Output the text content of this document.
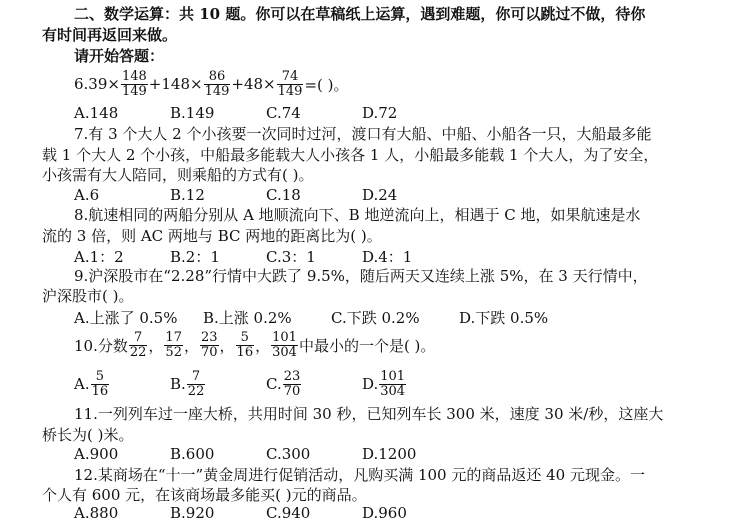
二、数学运算：共 10 题。你可以在草稿纸上运算，遇到难题，你可以跳过不做，待你
有时间再返回来做。
请开始答题：
$6.39\times \frac{148}{149} +148\times \frac{86}{149} +48\times \frac{74}{149}$ =( )。
A.148	B.149	C.74	D.72
7.有 3 个大人 2 个小孩要一次同时过河，渡口有大船、中船、小船各一只，大船最多能
载 1 个大人 2 个小孩，中船最多能载大人小孩各 1 人，小船最多能载 1 个大人，为了安全，
小孩需有大人陪同，则乘船的方式有( )。
A.6	B.12	C.18	D.24
8.航速相同的两船分别从 A 地顺流向下、B 地逆流向上，相遇于 C 地，如果航速是水
流的 3 倍，则 AC 两地与 BC 两地的距离比为( )。
A.1：2	B.2：1	C.3：1	D.4：1
9.沪深股市在“2.28”行情中大跌了 9.5%，随后两天又连续上涨 5%，在 3 天行情中，
沪深股市( )。
A.上涨了 0.5% B.上涨 0.2%	C.下跌 0.2%	D.下跌 0.5%
10.分数 $\frac{7}{22}$ ， $\frac{17}{52}$ ， $\frac{23}{70}$ ， $\frac{5}{16}$ ， $\frac{101}{304}$ 中最小的一个是( )。
A. $\frac{5}{16}$	B. $\frac{7}{22}$	C. $\frac{23}{70}$	D. $\frac{101}{304}$
11.一列列车过一座大桥，共用时间 30 秒，已知列车长 300 米，速度 30 米/秒，这座大
桥长为( )米。
A.900	B.600	C.300	D.1200
12.某商场在“十一”黄金周进行促销活动，凡购买满 100 元的商品返还 40 元现金。一
个人有 600 元，在该商场最多能买( )元的商品。
A.880	B.920	C.940	D.960
